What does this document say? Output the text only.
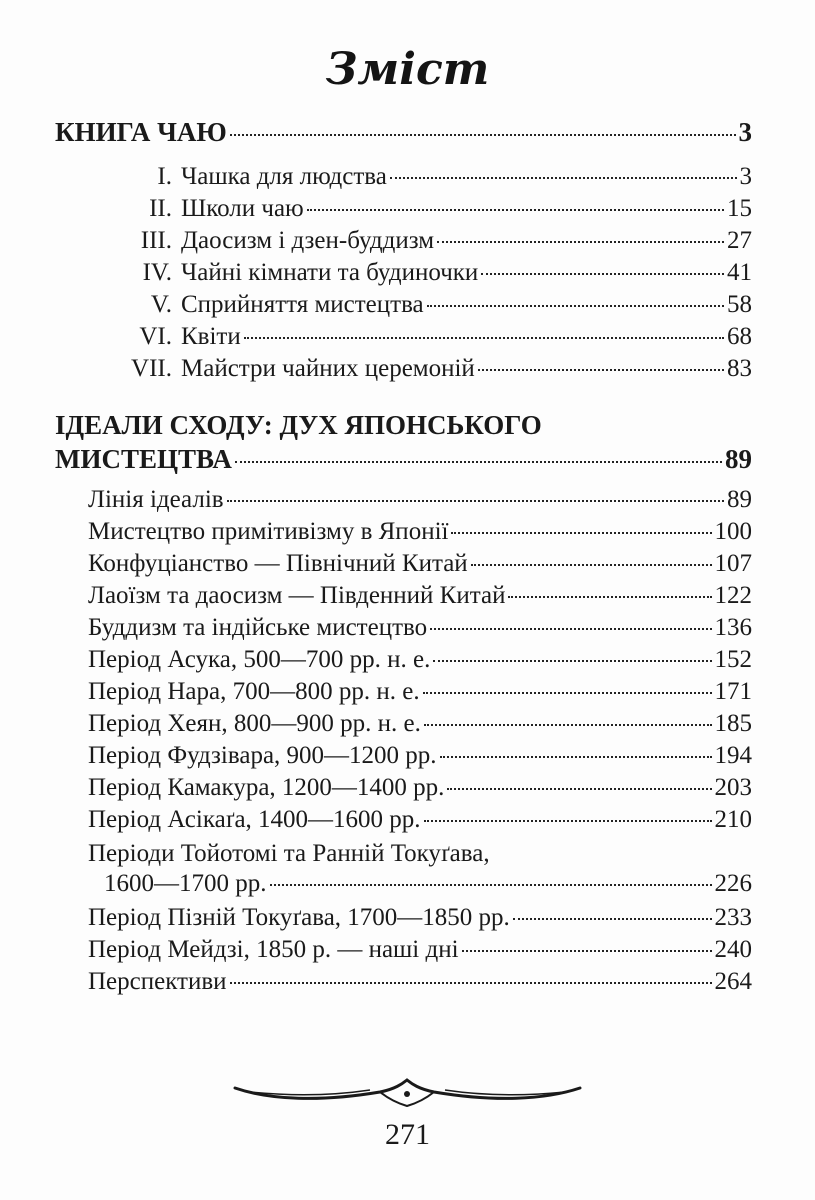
Зміст
КНИГА ЧАЮ	3
I. Чашка для людства	3
II. Школи чаю	15
III. Даосизм і дзен-буддизм	27
IV. Чайні кімнати та будиночки	41
V. Сприйняття мистецтва	58
VI. Квіти	68
VII. Майстри чайних церемоній	83
ІДЕАЛИ СХОДУ: ДУХ ЯПОНСЬКОГО
МИСТЕЦТВА	89
Лінія ідеалів	89
Мистецтво примітивізму в Японії	100
Конфуціанство — Північний Китай	107
Лаоїзм та даосизм — Південний Китай	122
Буддизм та індійське мистецтво	136
Період Асука, 500—700 рр. н. е.	152
Період Нара, 700—800 рр. н. е.	171
Період Хеян, 800—900 рр. н. е.	185
Період Фудзівара, 900—1200 рр.	194
Період Камакура, 1200—1400 рр.	203
Період Асікаґа, 1400—1600 рр.	210
Періоди Тойотомі та Ранній Токуґава,
1600—1700 рр.	226
Період Пізній Токуґава, 1700—1850 рр.	233
Період Мейдзі, 1850 р. — наші дні	240
Перспективи	264
271
